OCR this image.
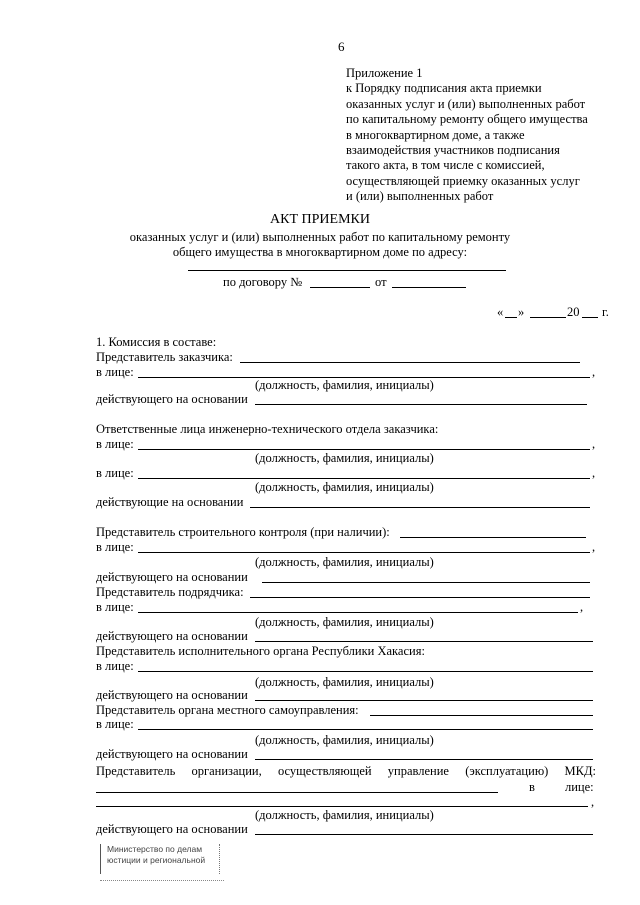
6
Приложение 1
к Порядку подписания акта приемки
оказанных услуг и (или) выполненных работ
по капитальному ремонту общего имущества
в многоквартирном доме, а также
взаимодействия участников подписания
такого акта, в том числе с комиссией,
осуществляющей приемку оказанных услуг
и (или) выполненных работ
АКТ ПРИЕМКИ
оказанных услуг и (или) выполненных работ по капитальному ремонту
общего имущества в многоквартирном доме по адресу:
по договору №	от
« »	20 г.
1. Комиссия в составе:
Представитель заказчика:
в лице:	,
(должность, фамилия, инициалы)
действующего на основании
Ответственные лица инженерно-технического отдела заказчика:
в лице:	,
(должность, фамилия, инициалы)
в лице:	,
(должность, фамилия, инициалы)
действующие на основании
Представитель строительного контроля (при наличии):
в лице:	,
(должность, фамилия, инициалы)
действующего на основании
Представитель подрядчика:
в лице:	,
(должность, фамилия, инициалы)
действующего на основании
Представитель исполнительного органа Республики Хакасия:
в лице:
(должность, фамилия, инициалы)
действующего на основании
Представитель органа местного самоуправления:
в лице:
(должность, фамилия, инициалы)
действующего на основании
Представитель организации, осуществляющей управление (эксплуатацию) МКД:
в лице:
,
(должность, фамилия, инициалы)
действующего на основании
Министерство по делам
юстиции и региональной
